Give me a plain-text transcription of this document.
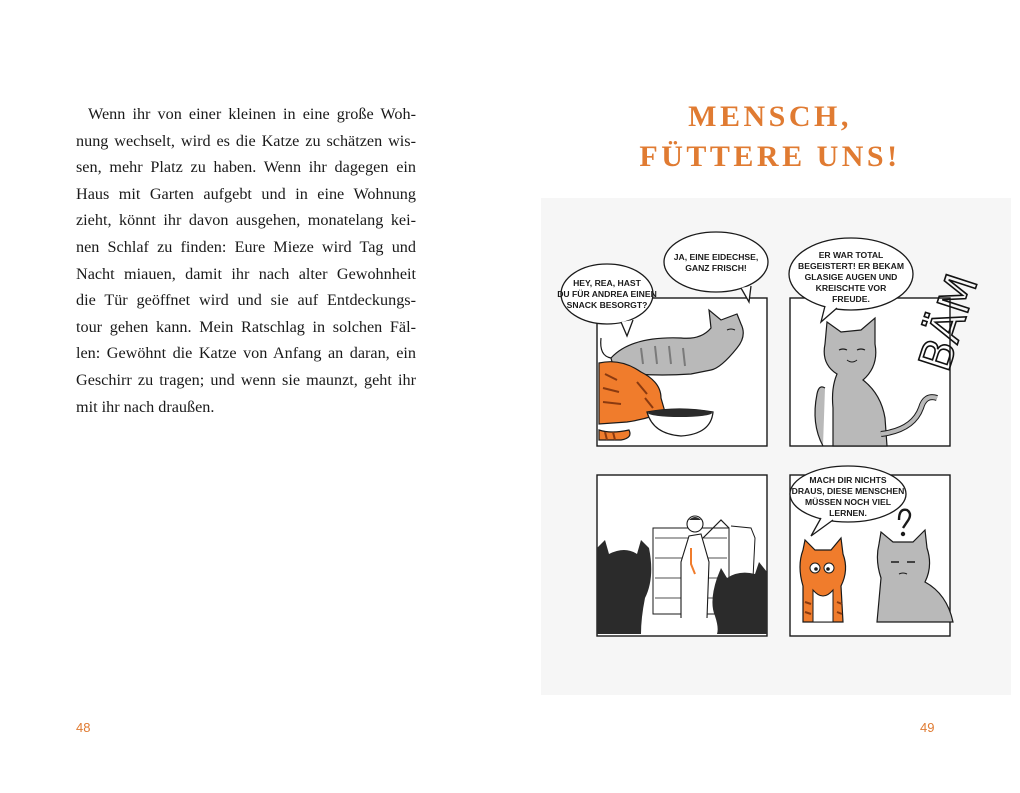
Wenn ihr von einer kleinen in eine große Woh-
nung wechselt, wird es die Katze zu schätzen wis-
sen, mehr Platz zu haben. Wenn ihr dagegen ein
Haus mit Garten aufgebt und in eine Wohnung
zieht, könnt ihr davon ausgehen, monatelang kei-
nen Schlaf zu finden: Eure Mieze wird Tag und
Nacht miauen, damit ihr nach alter Gewohnheit
die Tür geöffnet wird und sie auf Entdeckungs-
tour gehen kann. Mein Ratschlag in solchen Fäl-
len: Gewöhnt die Katze von Anfang an daran, ein
Geschirr zu tragen; und wenn sie maunzt, geht ihr
mit ihr nach draußen.

48
MENSCH,
FÜTTERE UNS!
HEY, REA, HAST
DU FÜR ANDREA EINEN
SNACK BESORGT?
JA, EINE EIDECHSE,
GANZ FRISCH!
ER WAR TOTAL
BEGEISTERT! ER BEKAM
GLASIGE AUGEN UND
KREISCHTE VOR
FREUDE. BÄM
MACH DIR NICHTS
DRAUS, DIESE MENSCHEN
MÜSSEN NOCH VIEL
LERNEN.
49
